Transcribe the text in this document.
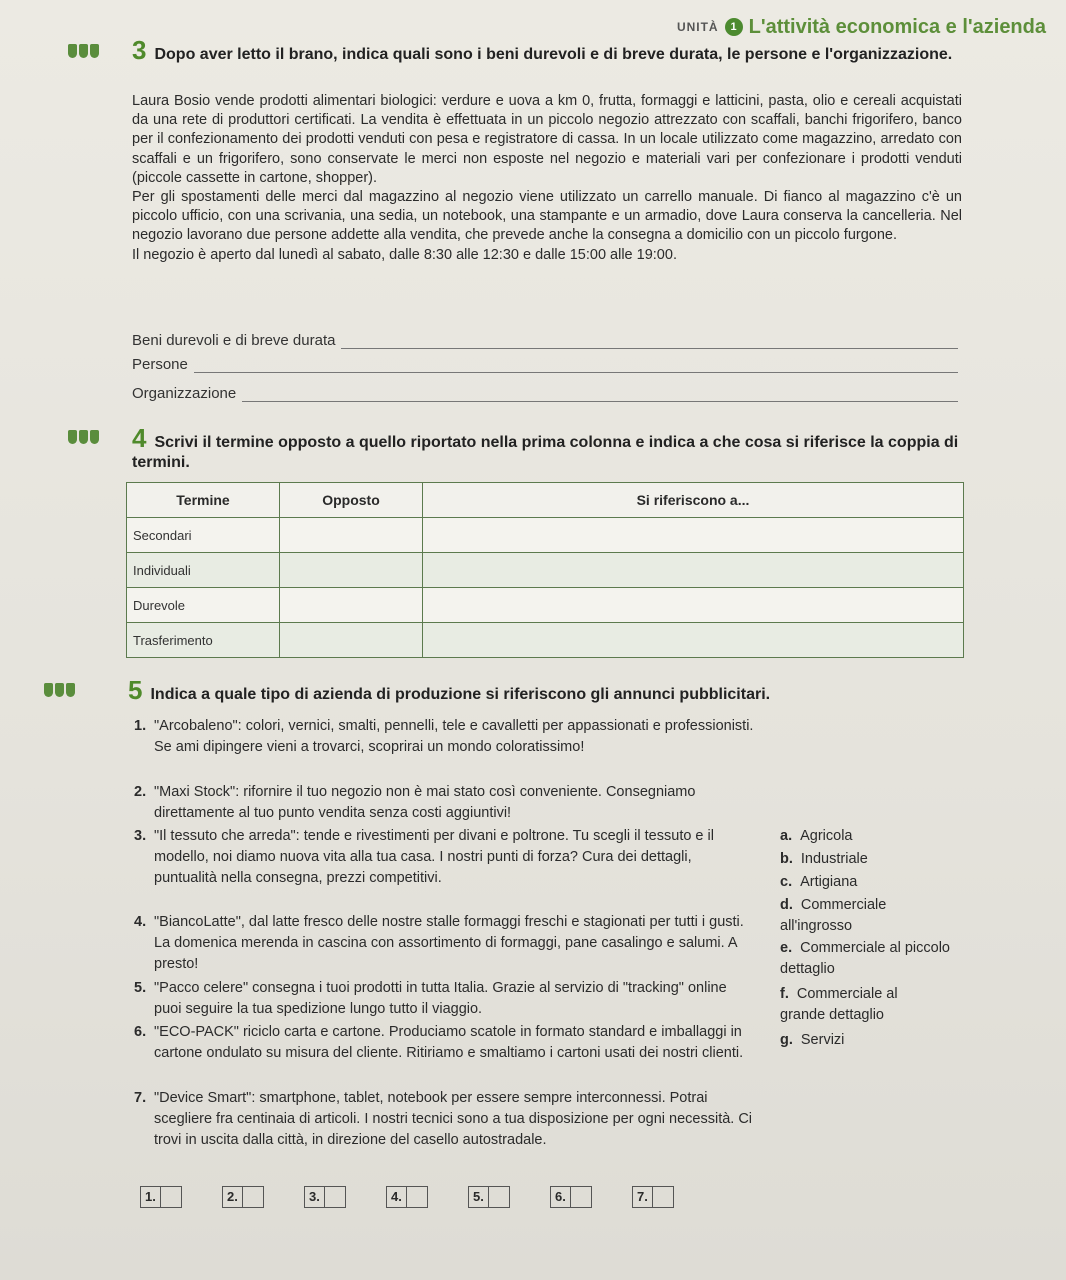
UNITÀ	1 L'attività economica e l'azienda
3 Dopo aver letto il brano, indica quali sono i beni durevoli e di breve durata, le persone e l'organizzazione.

Laura Bosio vende prodotti alimentari biologici: verdure e uova a km 0, frutta, formaggi e latticini, pasta, olio e cereali acquistati da una rete di produttori certificati. La vendita è effettuata in un piccolo negozio attrezzato con scaffali, banchi frigorifero, banco per il confezionamento dei prodotti venduti con pesa e registratore di cassa. In un locale utilizzato come magazzino, arredato con scaffali e un frigorifero, sono conservate le merci non esposte nel negozio e materiali vari per confezionare i prodotti venduti (piccole cassette in cartone, shopper).

Per gli spostamenti delle merci dal magazzino al negozio viene utilizzato un carrello manuale. Di fianco al magazzino c'è un piccolo ufficio, con una scrivania, una sedia, un notebook, una stampante e un armadio, dove Laura conserva la cancelleria. Nel negozio lavorano due persone addette alla vendita, che prevede anche la consegna a domicilio con un piccolo furgone.

Il negozio è aperto dal lunedì al sabato, dalle 8:30 alle 12:30 e dalle 15:00 alle 19:00.

Beni durevoli e di breve durata
Persone
Organizzazione
4 Scrivi il termine opposto a quello riportato nella prima colonna e indica a che cosa si riferisce la coppia di termini.
Termine	Opposto	Si riferiscono a...
Secondari		
Individuali		
Durevole		
Trasferimento		
5 Indica a quale tipo di azienda di produzione si riferiscono gli annunci pubblicitari.
1. "Arcobaleno": colori, vernici, smalti, pennelli, tele e cavalletti per appassionati e professionisti. Se ami dipingere vieni a trovarci, scoprirai un mondo coloratissimo!
2. "Maxi Stock": rifornire il tuo negozio non è mai stato così conveniente. Consegniamo direttamente al tuo punto vendita senza costi aggiuntivi!
3. "Il tessuto che arreda": tende e rivestimenti per divani e poltrone. Tu scegli il tessuto e il modello, noi diamo nuova vita alla tua casa. I nostri punti di forza? Cura dei dettagli, puntualità nella consegna, prezzi competitivi.
4. "BiancoLatte", dal latte fresco delle nostre stalle formaggi freschi e stagionati per tutti i gusti. La domenica merenda in cascina con assortimento di formaggi, pane casalingo e salumi. A presto!
5. "Pacco celere" consegna i tuoi prodotti in tutta Italia. Grazie al servizio di "tracking" online puoi seguire la tua spedizione lungo tutto il viaggio.
6. "ECO-PACK" riciclo carta e cartone. Produciamo scatole in formato standard e imballaggi in cartone ondulato su misura del cliente. Ritiriamo e smaltiamo i cartoni usati dei nostri clienti.
7. "Device Smart": smartphone, tablet, notebook per essere sempre interconnessi. Potrai scegliere fra centinaia di articoli. I nostri tecnici sono a tua disposizione per ogni necessità. Ci trovi in uscita dalla città, in direzione del casello autostradale.
a. Agricola
b. Industriale
c. Artigiana
d. Commerciale all'ingrosso
e. Commerciale al piccolo dettaglio
f. Commerciale al grande dettaglio
g. Servizi
1.	2.	3.	4.	5.	6.	7.
